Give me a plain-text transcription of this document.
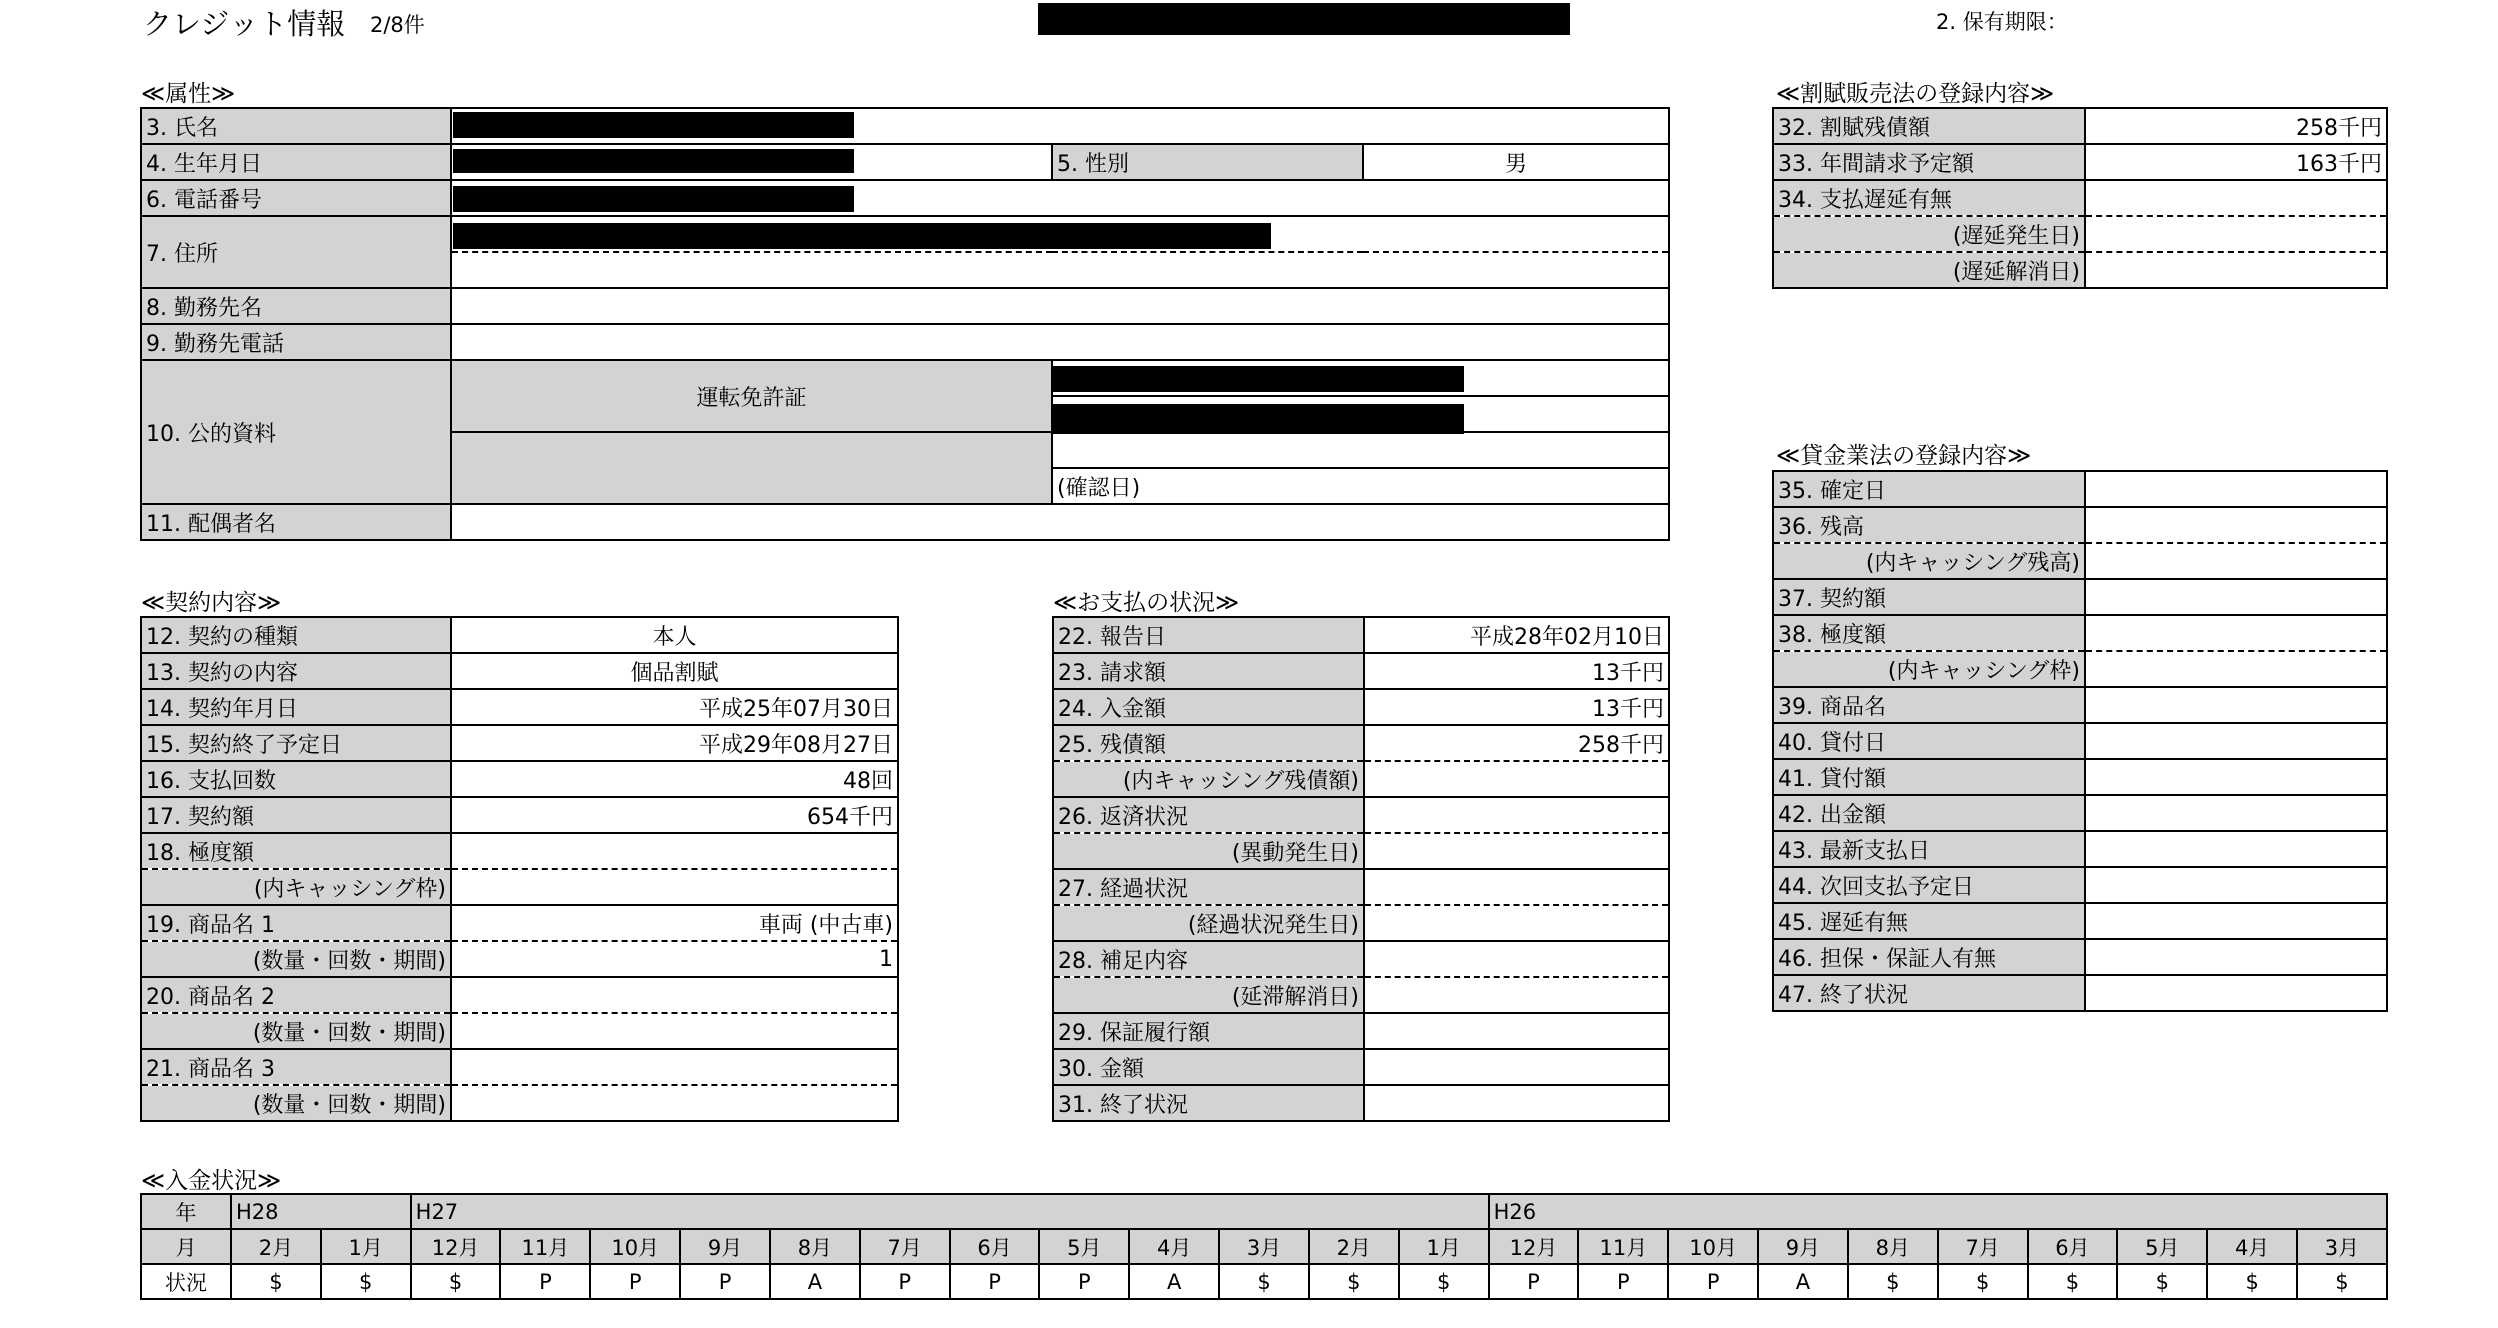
クレジット情報 2/8件	2. 保有期限：
≪属性≫	≪割賦販売法の登録内容≫
≪貸金業法の登録内容≫
≪契約内容≫	≪お支払の状況≫
≪入金状況≫
3. 氏名			
4. 生年月日		5. 性別	男
6. 電話番号			
7. 住所			

8. 勤務先名			
9. 勤務先電話			
10. 公的資料	運転免許証		

		(確認日)	
11. 配偶者名			
32. 割賦残債額	258千円
33. 年間請求予定額	163千円
34. 支払遅延有無	
(遅延発生日)	
(遅延解消日)	
35. 確定日	
36. 残高	
(内キャッシング残高)	
37. 契約額	
38. 極度額	
(内キャッシング枠)	
39. 商品名	
40. 貸付日	
41. 貸付額	
42. 出金額	
43. 最新支払日	
44. 次回支払予定日	
45. 遅延有無	
46. 担保・保証人有無	
47. 終了状況	
12. 契約の種類	本人
13. 契約の内容	個品割賦
14. 契約年月日	平成25年07月30日
15. 契約終了予定日	平成29年08月27日
16. 支払回数	48回
17. 契約額	654千円
18. 極度額	
(内キャッシング枠)	
19. 商品名 1	車両 (中古車)
(数量・回数・期間)	1
20. 商品名 2	
(数量・回数・期間)	
21. 商品名 3	
(数量・回数・期間)	
22. 報告日	平成28年02月10日
23. 請求額	13千円
24. 入金額	13千円
25. 残債額	258千円
(内キャッシング残債額)	
26. 返済状況	
(異動発生日)	
27. 経過状況	
(経過状況発生日)	
28. 補足内容	
(延滞解消日)	
29. 保証履行額	
30. 金額	
31. 終了状況	
年	H28		H27												H26									
月	2月	1月	12月	11月	10月	9月	8月	7月	6月	5月	4月	3月	2月	1月	12月	11月	10月	9月	8月	7月	6月	5月	4月	3月
状況	$	$	$	P	P	P	A	P	P	P	A	$	$	$	P	P	P	A	$	$	$	$	$	$
